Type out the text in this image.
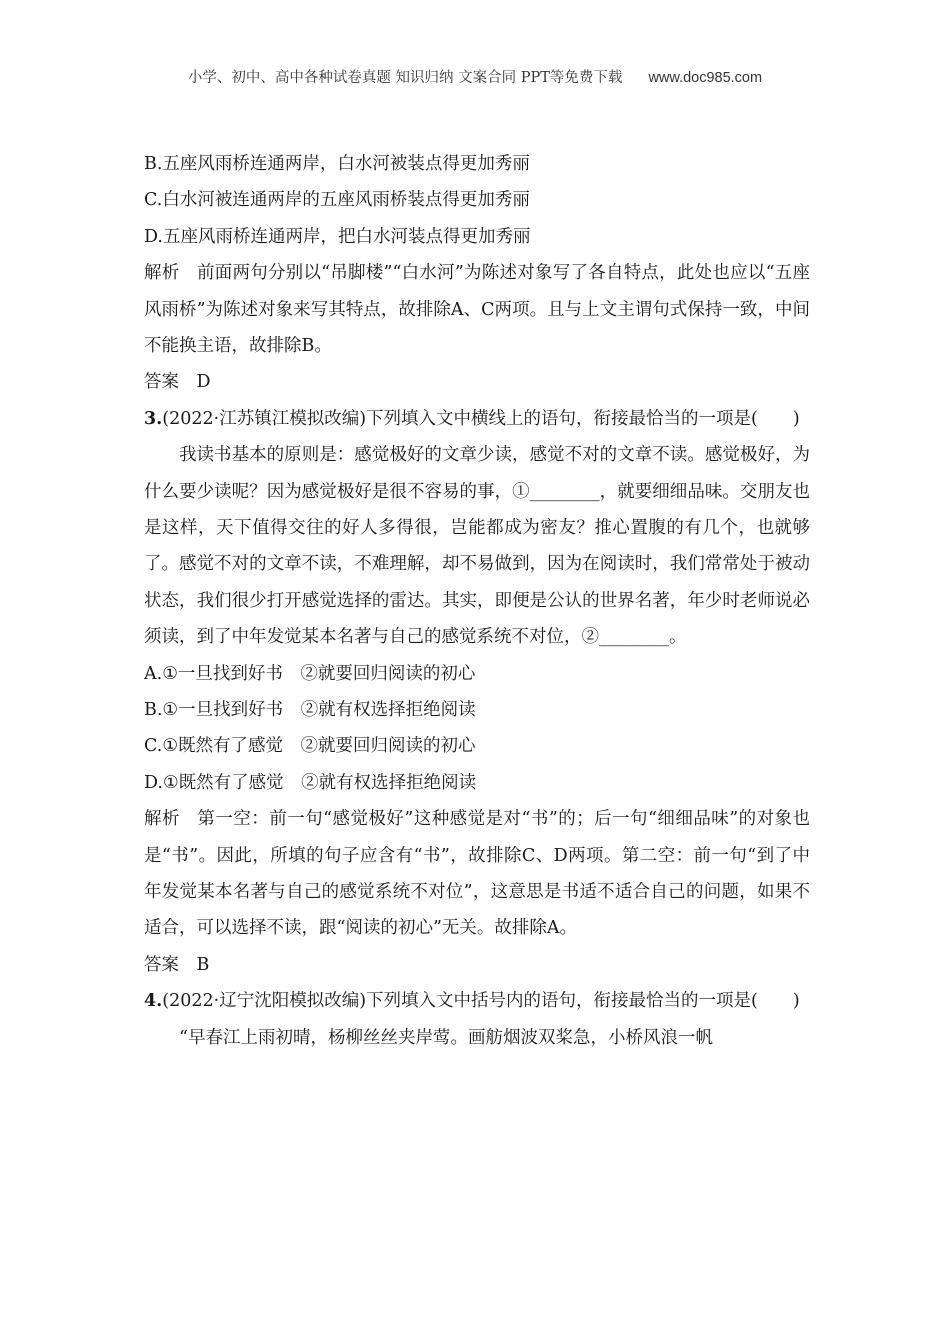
小学、初中、高中各种试卷真题 知识归纳 文案合同 PPT等免费下载 www.doc985.com
B.五座风雨桥连通两岸，白水河被装点得更加秀丽
C.白水河被连通两岸的五座风雨桥装点得更加秀丽
D.五座风雨桥连通两岸，把白水河装点得更加秀丽
解析 前面两句分别以“吊脚楼”“白水河”为陈述对象写了各自特点，此处也应以“五座风雨桥”为陈述对象来写其特点，故排除A、C两项。且与上文主谓句式保持一致，中间不能换主语，故排除B。
答案 D
3.(2022·江苏镇江模拟改编)下列填入文中横线上的语句，衔接最恰当的一项是(　　)
我读书基本的原则是：感觉极好的文章少读，感觉不对的文章不读。感觉极好，为什么要少读呢？因为感觉极好是很不容易的事，①________，就要细细品味。交朋友也是这样，天下值得交往的好人多得很，岂能都成为密友？推心置腹的有几个，也就够了。感觉不对的文章不读，不难理解，却不易做到，因为在阅读时，我们常常处于被动状态，我们很少打开感觉选择的雷达。其实，即便是公认的世界名著，年少时老师说必须读，到了中年发觉某本名著与自己的感觉系统不对位，②________。
A.①一旦找到好书　②就要回归阅读的初心
B.①一旦找到好书　②就有权选择拒绝阅读
C.①既然有了感觉　②就要回归阅读的初心
D.①既然有了感觉　②就有权选择拒绝阅读
解析 第一空：前一句“感觉极好”这种感觉是对“书”的；后一句“细细品味”的对象也是“书”。因此，所填的句子应含有“书”，故排除C、D两项。第二空：前一句“到了中年发觉某本名著与自己的感觉系统不对位”，这意思是书适不适合自己的问题，如果不适合，可以选择不读，跟“阅读的初心”无关。故排除A。
答案 B
4.(2022·辽宁沈阳模拟改编)下列填入文中括号内的语句，衔接最恰当的一项是(　　)
“早春江上雨初晴，杨柳丝丝夹岸莺。画舫烟波双桨急，小桥风浪一帆
